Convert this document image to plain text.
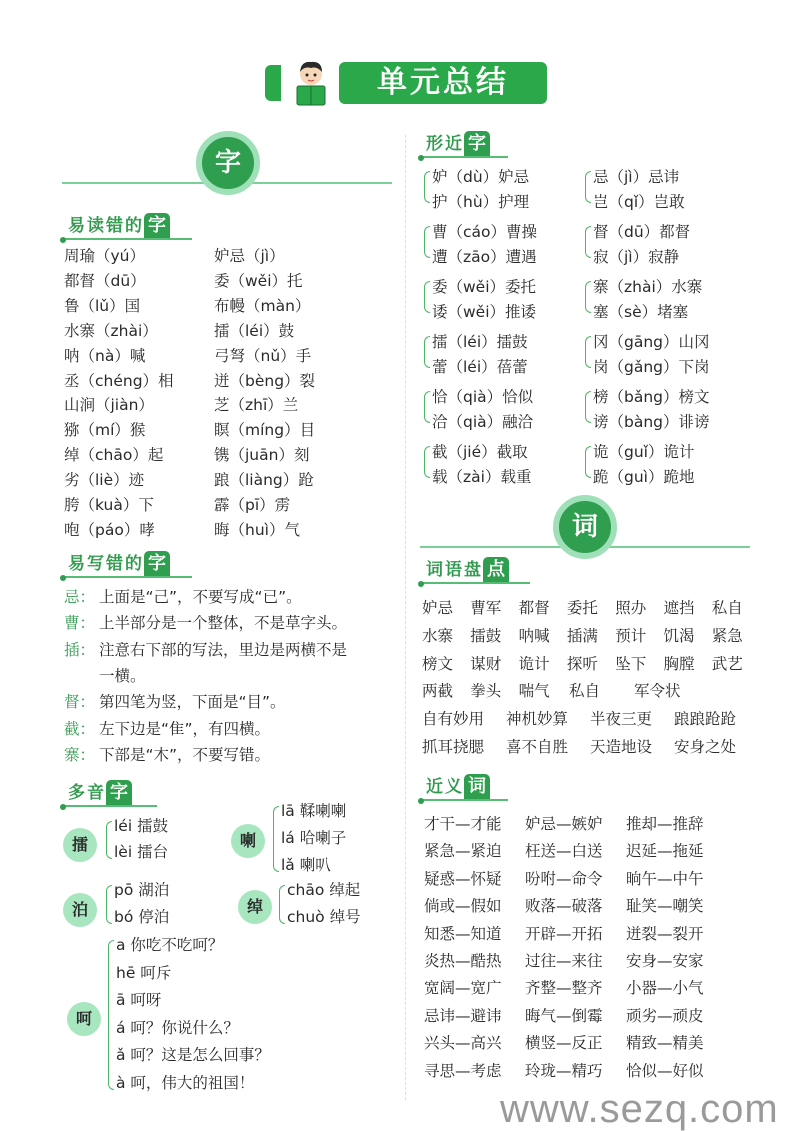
单元总结
字
易读错的 字
周瑜（yú）
都督（dū）
鲁（lǔ）国
水寨（zhài）
呐（nà）喊
丞（chéng）相
山涧（jiàn）
猕（mí）猴
绰（chāo）起
劣（liè）迹
胯（kuà）下
咆（páo）哮
妒忌（jì）
委（wěi）托
布幔（màn）
擂（léi）鼓
弓弩（nǔ）手
迸（bèng）裂
芝（zhī）兰
瞑（míng）目
镌（juān）刻
踉（liàng）跄
霹（pī）雳
晦（huì）气
易写错的 字
忌： 上面是“己”，不要写成“已”。
曹： 上半部分是一个整体，不是草字头。
插： 注意右下部的写法，里边是两横不是
一横。
督： 第四笔为竖，下面是“目”。
截： 左下边是“隹”，有四横。
寨： 下部是“木”，不要写错。
多音 字
擂
léi 擂鼓
lèi 擂台
喇
lā 鞣喇喇
lá 哈喇子
lǎ 喇叭
泊
pō 湖泊
bó 停泊
绰
chāo 绰起
chuò 绰号
呵
a 你吃不吃呵？
hē 呵斥
ā 呵呀
á 呵？你说什么？
ǎ 呵？这是怎么回事？
à 呵，伟大的祖国！
形近 字
妒（dù）妒忌
护（hù）护理
忌（jì）忌讳
岂（qǐ）岂敢
曹（cáo）曹操
遭（zāo）遭遇
督（dū）都督
寂（jì）寂静
委（wěi）委托
诿（wěi）推诿
寨（zhài）水寨
塞（sè）堵塞
擂（léi）擂鼓
蕾（léi）蓓蕾
冈（gāng）山冈
岗（gǎng）下岗
恰（qià）恰似
洽（qià）融洽
榜（bǎng）榜文
谤（bàng）诽谤
截（jié）截取
载（zài）载重
诡（guǐ）诡计
跪（guì）跪地
词
词语盘 点
妒忌 曹军 都督 委托 照办 遮挡 私自
水寨 擂鼓 呐喊 插满 预计 饥渴 紧急
榜文 谋财 诡计 探听 坠下 胸膛 武艺
两截 拳头 喘气 私自 军令状
自有妙用 神机妙算 半夜三更 踉踉跄跄
抓耳挠腮 喜不自胜 天造地设 安身之处
近义 词
才干—才能 妒忌—嫉妒 推却—推辞
紧急—紧迫 枉送—白送 迟延—拖延
疑惑—怀疑 吩咐—命令 晌午—中午
倘或—假如 败落—破落 耻笑—嘲笑
知悉—知道 开辟—开拓 迸裂—裂开
炎热—酷热 过往—来往 安身—安家
宽阔—宽广 齐整—整齐 小器—小气
忌讳—避讳 晦气—倒霉 顽劣—顽皮
兴头—高兴 横竖—反正 精致—精美
寻思—考虑 玲珑—精巧 恰似—好似
www.sezq.com
